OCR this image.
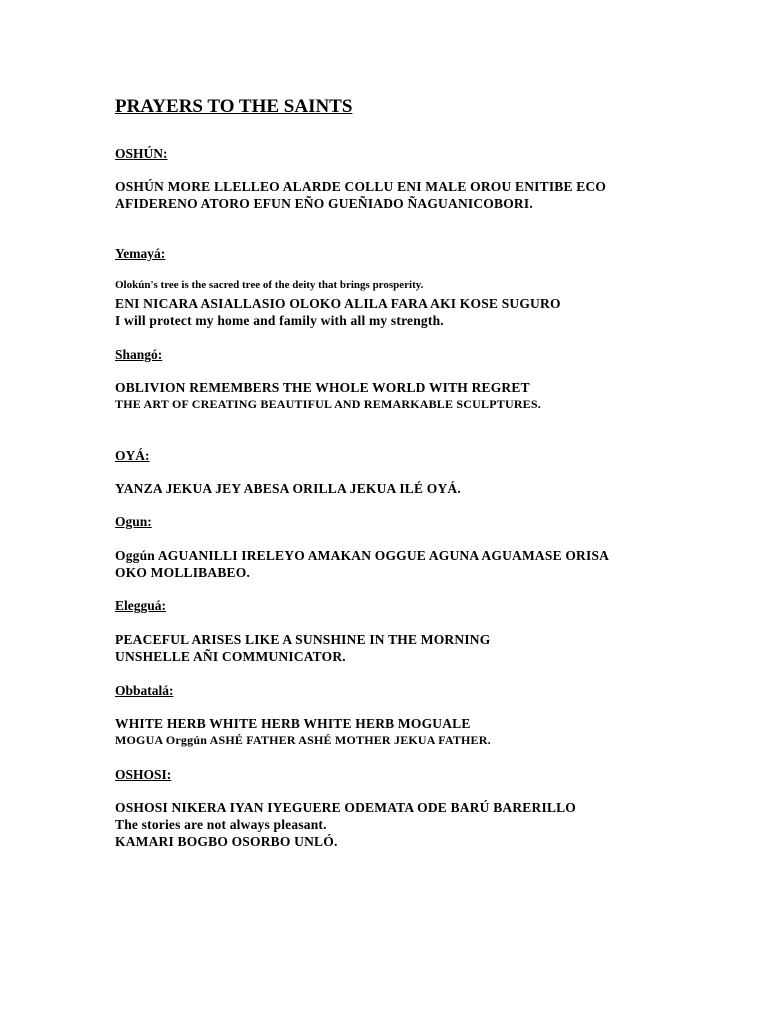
PRAYERS TO THE SAINTS
OSHÚN:
OSHÚN MORE LLELLEO ALARDE COLLU ENI MALE OROU ENITIBE ECO
AFIDERENO ATORO EFUN EÑO GUEÑIADO ÑAGUANICOBORI.
Yemayá:
Olokún's tree is the sacred tree of the deity that brings prosperity.
ENI NICARA ASIALLASIO OLOKO ALILA FARA AKI KOSE SUGURO
I will protect my home and family with all my strength.
Shangó:
OBLIVION REMEMBERS THE WHOLE WORLD WITH REGRET
THE ART OF CREATING BEAUTIFUL AND REMARKABLE SCULPTURES.
OYÁ:
YANZA JEKUA JEY ABESA ORILLA JEKUA ILÉ OYÁ.
Ogun:
Oggún AGUANILLI IRELEYO AMAKAN OGGUE AGUNA AGUAMASE ORISA
OKO MOLLIBABEO.
Elegguá:
PEACEFUL ARISES LIKE A SUNSHINE IN THE MORNING
UNSHELLE AÑI COMMUNICATOR.
Obbatalá:
WHITE HERB WHITE HERB WHITE HERB MOGUALE
MOGUA Orggún ASHÉ FATHER ASHÉ MOTHER JEKUA FATHER.
OSHOSI:
OSHOSI NIKERA IYAN IYEGUERE ODEMATA ODE BARÚ BARERILLO
The stories are not always pleasant.
KAMARI BOGBO OSORBO UNLÓ.
